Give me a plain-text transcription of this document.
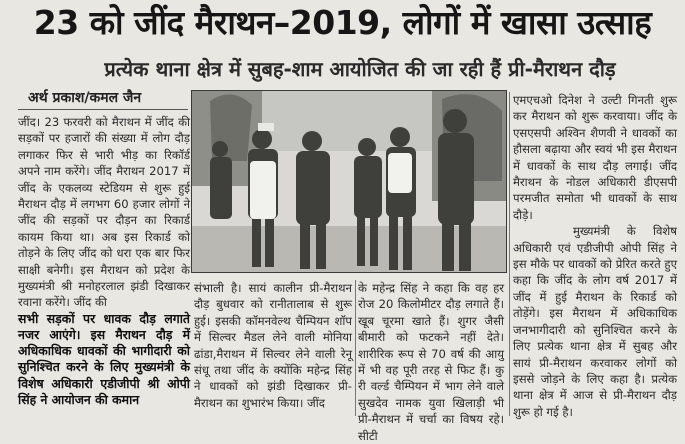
23 को जींद मैराथन–2019, लोगों में खासा उत्साह
प्रत्येक थाना क्षेत्र में सुबह-शाम आयोजित की जा रही हैं प्री-मैराथन दौड़
अर्थ प्रकाश/कमल जैन

जींद। 23 फरवरी को मैराथन में जींद की सड़कों पर हजारों की संख्या में लोग दौड़ लगाकर फिर से भारी भीड़ का रिकॉर्ड अपने नाम करेंगे। जींद मैराथन 2017 में जींद के एकलव्य स्टेडियम से शुरू हुई मैराथन दौड़ में लगभग 60 हजार लोगों ने जींद की सड़कों पर दौड़न का रिकार्ड कायम किया था। अब इस रिकार्ड को तोड़ने के लिए जींद को धरा एक बार फिर साक्षी बनेगी। इस मैराथन को प्रदेश के मुख्यमंत्री श्री मनोहरलाल झंडी दिखाकर रवाना करेंगे। जींद की

सभी सड़कों पर धावक दौड़ लगाते नजर आएंगे। इस मैराथन दौड़ में अधिकाधिक धावकों की भागीदारी को सुनिश्चित करने के लिए मुख्यमंत्री के विशेष अधिकारी एडीजीपी श्री ओपी सिंह ने आयोजन की कमान

संभाली है। सायं कालीन प्री-मैराथन दौड़ बुधवार को रानीतालाब से शुरू हुई। इसकी कॉमनवेल्थ चैम्पियन शॉप में सिल्वर मैडल लेने वाली मोनिया ढांडा,मैराथन में सिल्वर लेने वाली रेनू संधू तथा जींद के क्योंकि महेन्द्र सिंह ने धावकों को झंडी दिखाकर प्री-मैराथन का शुभारंभ किया। जींद

के महेन्द्र सिंह ने कहा कि वह हर रोज 20 किलोमीटर दौड़ लगाते हैं। खूब चूरमा खाते हैं। शुगर जैसी बीमारी को फटकने नहीं देते। शारीरिक रूप से 70 वर्ष की आयु में भी वह पूरी तरह से फिट हैं। कु री वर्ल्ड चैम्पियन में भाग लेने वाले सुखदेव नामक युवा खिलाड़ी भी प्री-मैराथन में चर्चा का विषय रहे। सीटी

एमएचओ दिनेश ने उल्टी गिनती शुरू कर मैराथन को शुरू करवाया। जींद के एसएसपी अश्विन शैणवी ने धावकों का हौसला बढ़ाया और स्वयं भी इस मैराथन में धावकों के साथ दौड़ लगाई। जींद मैराथन के नोडल अधिकारी डीएसपी परमजीत समोता भी धावकों के साथ दौड़े।

मुख्यमंत्री के विशेष अधिकारी एवं एडीजीपी ओपी सिंह ने इस मौके पर धावकों को प्रेरित करते हुए कहा कि जींद के लोग वर्ष 2017 में जींद में हुई मैराथन के रिकार्ड को तोड़ेंगे। इस मैराथन में अधिकाधिक जनभागीदारी को सुनिश्चित करने के लिए प्रत्येक थाना क्षेत्र में सुबह और सायं प्री-मैराथन करवाकर लोगों को इससे जोड़ने के लिए कहा है। प्रत्येक थाना क्षेत्र में आज से प्री-मैराथन दौड़ शुरू हो गई है।
